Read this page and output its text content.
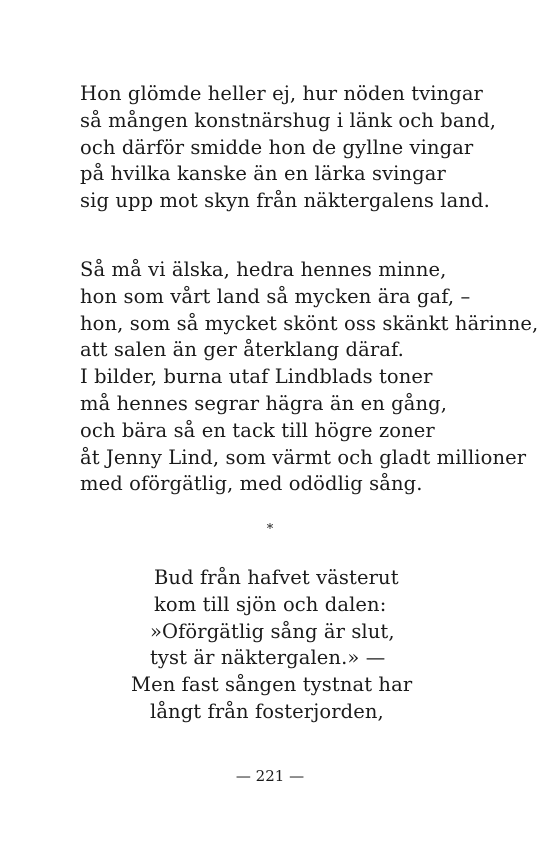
Hon glömde heller ej, hur nöden tvingar
så mången konstnärshug i länk och band,
och därför smidde hon de gyllne vingar
på hvilka kanske än en lärka svingar
sig upp mot skyn från näktergalens land.
Så må vi älska, hedra hennes minne,
hon som vårt land så mycken ära gaf, –
hon, som så mycket skönt oss skänkt härinne,
att salen än ger återklang däraf.
I bilder, burna utaf Lindblads toner
må hennes segrar hägra än en gång,
och bära så en tack till högre zoner
åt Jenny Lind, som värmt och gladt millioner
med oförgätlig, med odödlig sång.
*
Bud från hafvet västerut
kom till sjön och dalen:
»Oförgätlig sång är slut,
tyst är näktergalen.» —
Men fast sången tystnat har
långt från fosterjorden,
— 221 —
